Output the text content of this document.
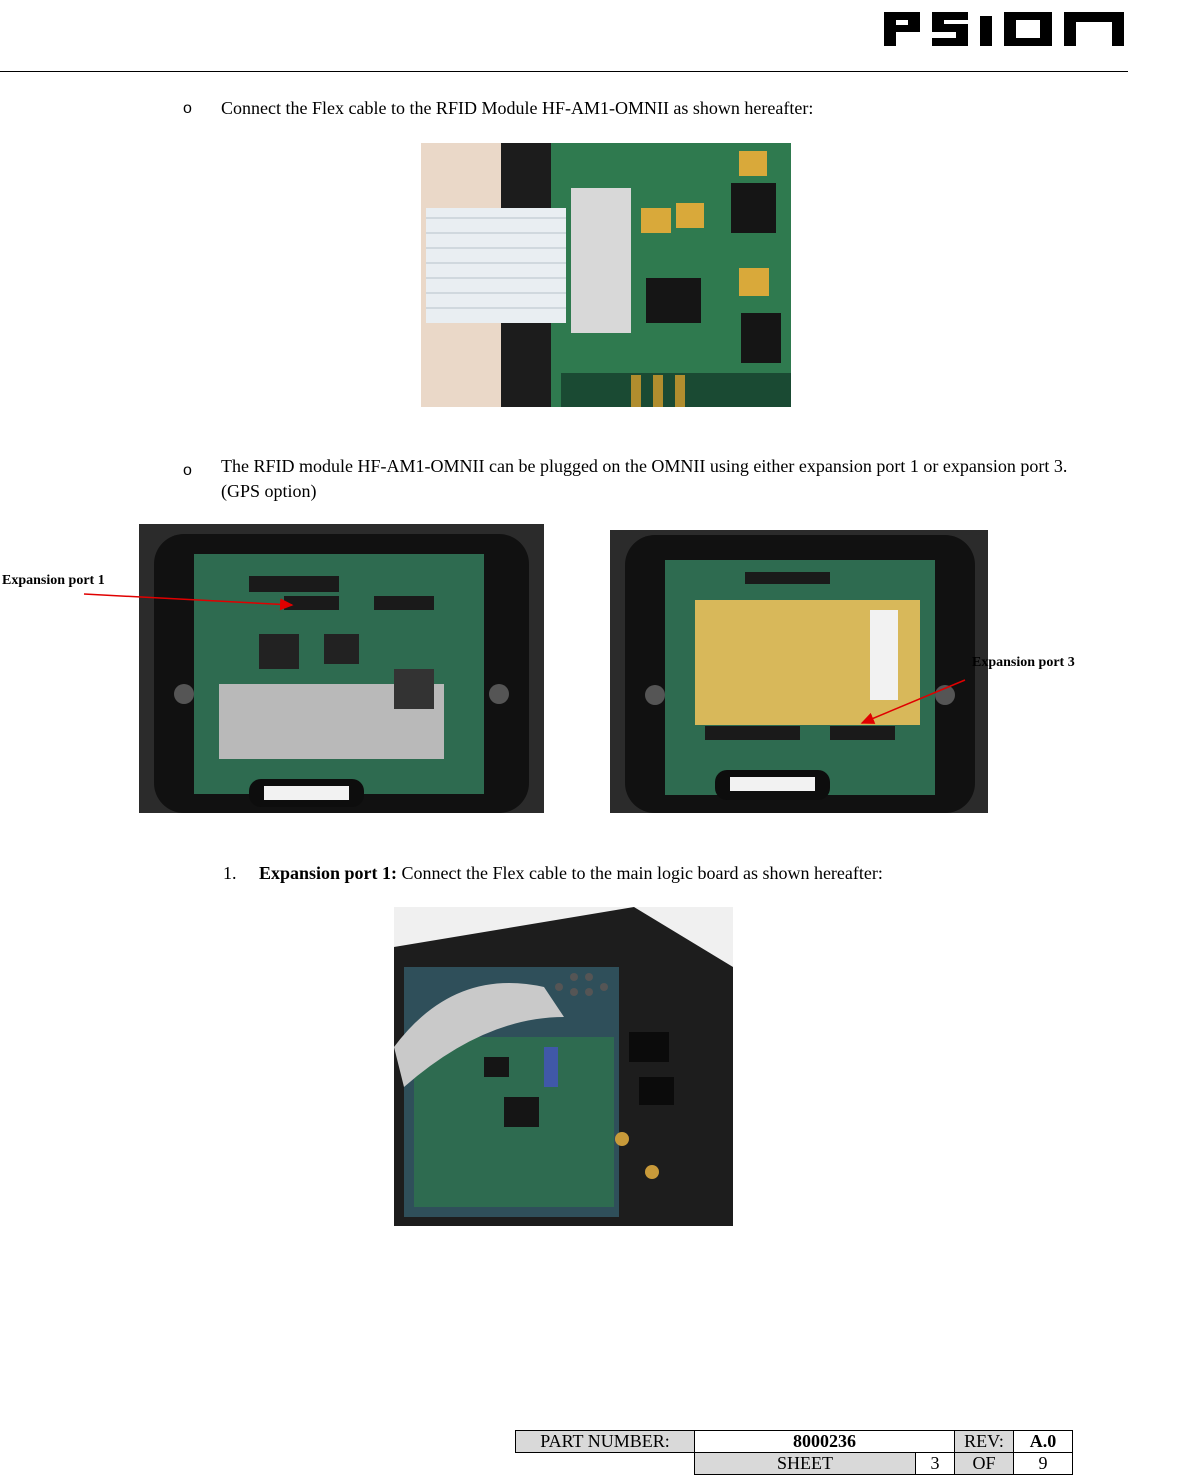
o Connect the Flex cable to the RFID Module HF-AM1-OMNII as shown hereafter:
o The RFID module HF-AM1-OMNII can be plugged on the OMNII using either expansion port 1 or expansion port 3.
(GPS option)
Expansion port 1
Expansion port 3
1. Expansion port 1: Connect the Flex cable to the main logic board as shown hereafter:
PART NUMBER:	8000236		REV:	A.0
	SHEET	3	OF	9
